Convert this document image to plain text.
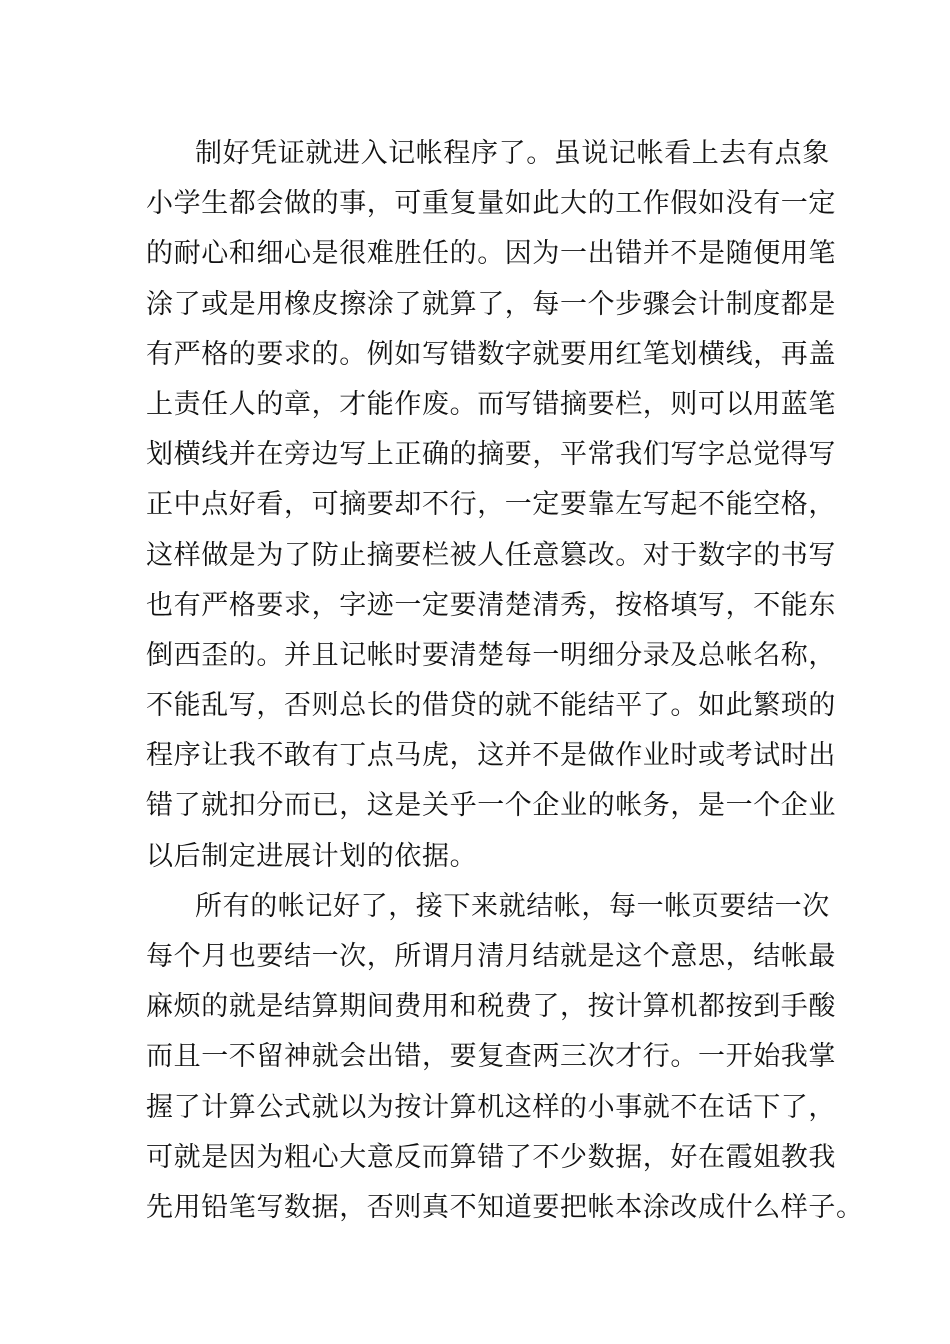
制好凭证就进入记帐程序了。虽说记帐看上去有点象
小学生都会做的事，可重复量如此大的工作假如没有一定
的耐心和细心是很难胜任的。因为一出错并不是随便用笔
涂了或是用橡皮擦涂了就算了，每一个步骤会计制度都是
有严格的要求的。例如写错数字就要用红笔划横线，再盖
上责任人的章，才能作废。而写错摘要栏，则可以用蓝笔
划横线并在旁边写上正确的摘要，平常我们写字总觉得写
正中点好看，可摘要却不行，一定要靠左写起不能空格，
这样做是为了防止摘要栏被人任意篡改。对于数字的书写
也有严格要求，字迹一定要清楚清秀，按格填写，不能东
倒西歪的。并且记帐时要清楚每一明细分录及总帐名称，
不能乱写，否则总长的借贷的就不能结平了。如此繁琐的
程序让我不敢有丁点马虎，这并不是做作业时或考试时出
错了就扣分而已，这是关乎一个企业的帐务，是一个企业
以后制定进展计划的依据。
所有的帐记好了，接下来就结帐，每一帐页要结一次
每个月也要结一次，所谓月清月结就是这个意思，结帐最
麻烦的就是结算期间费用和税费了，按计算机都按到手酸
而且一不留神就会出错，要复查两三次才行。一开始我掌
握了计算公式就以为按计算机这样的小事就不在话下了，
可就是因为粗心大意反而算错了不少数据，好在霞姐教我
先用铅笔写数据，否则真不知道要把帐本涂改成什么样子。
